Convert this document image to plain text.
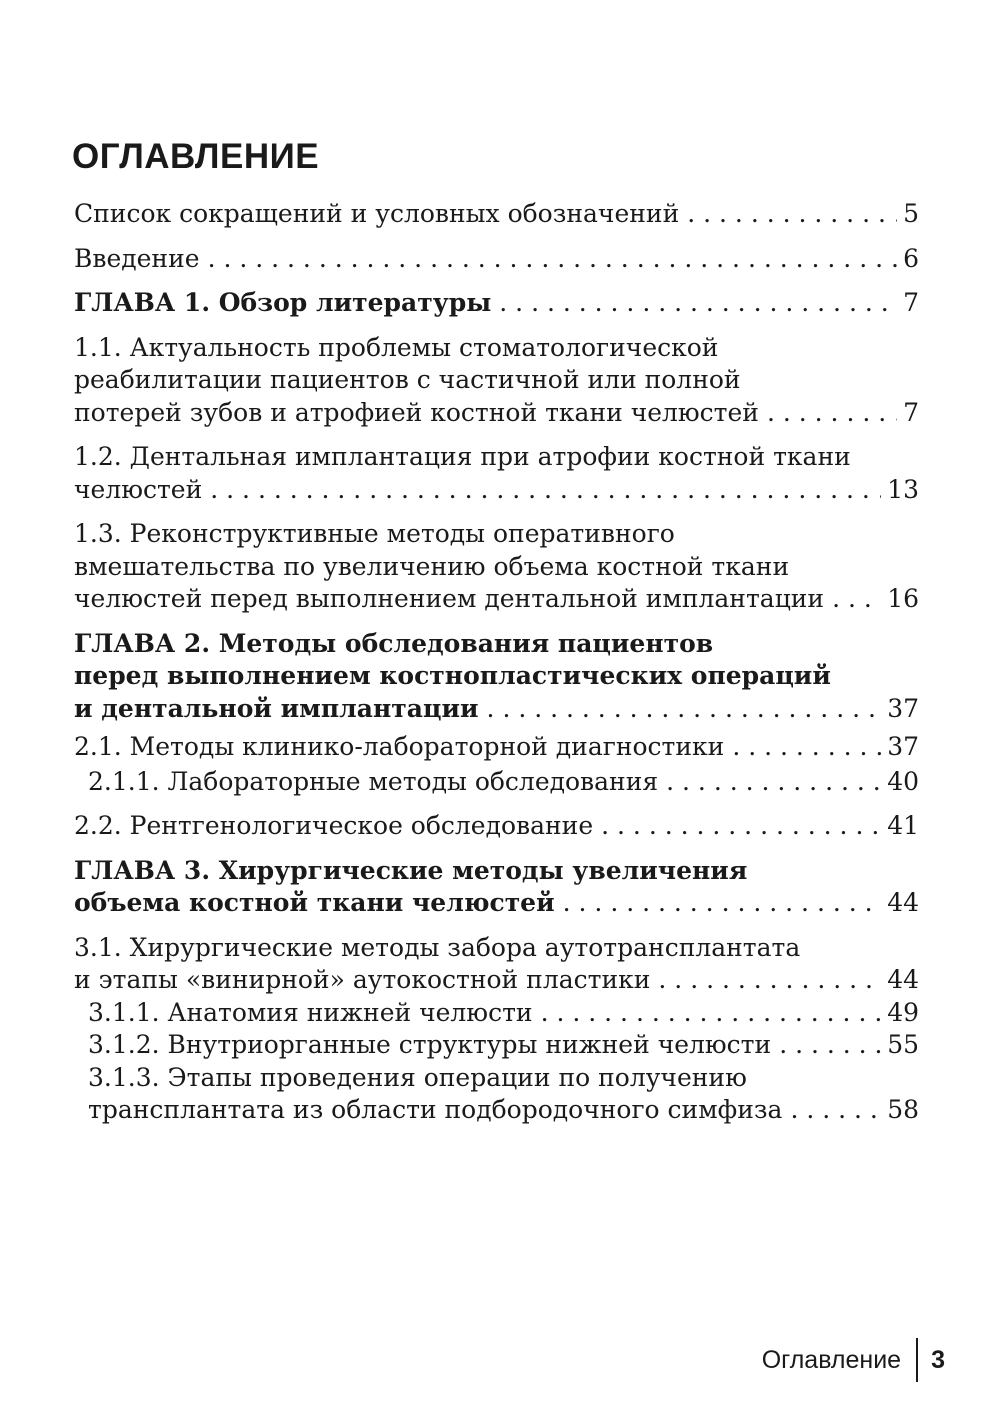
ОГЛАВЛЕНИЕ
Список сокращений и условных обозначений . . .	5
Введение . . .	6
ГЛАВА 1. Обзор литературы . . .	7
1.1. Актуальность проблемы стоматологической
реабилитации пациентов с частичной или полной
потерей зубов и атрофией костной ткани челюстей . . .	7
1.2. Дентальная имплантация при атрофии костной ткани
челюстей . . .	13
1.3. Реконструктивные методы оперативного
вмешательства по увеличению объема костной ткани
челюстей перед выполнением дентальной имплантации . . .	16
ГЛАВА 2. Методы обследования пациентов
перед выполнением костнопластических операций
и дентальной имплантации . . .	37
2.1. Методы клинико-лабораторной диагностики . . .	37
2.1.1. Лабораторные методы обследования . . .	40
2.2. Рентгенологическое обследование . . .	41
ГЛАВА 3. Хирургические методы увеличения
объема костной ткани челюстей . . .	44
3.1. Хирургические методы забора аутотрансплантата
и этапы «винирной» аутокостной пластики . . .	44
3.1.1. Анатомия нижней челюсти . . .	49
3.1.2. Внутриорганные структуры нижней челюсти . . .	55
3.1.3. Этапы проведения операции по получению
трансплантата из области подбородочного симфиза . . .	58
Оглавление 3
